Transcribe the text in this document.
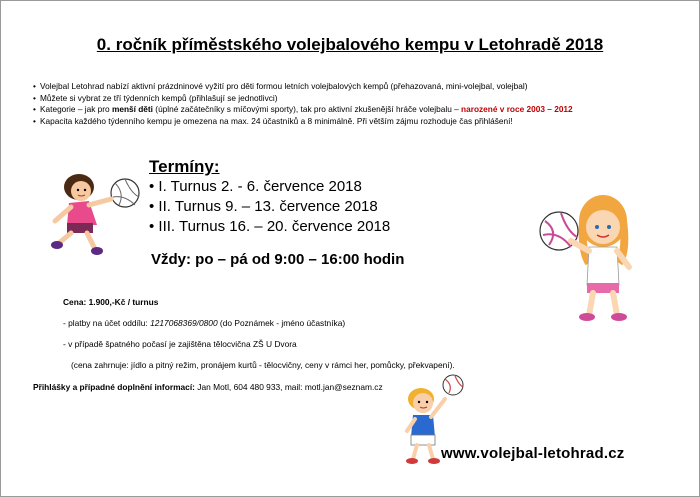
0. ročník příměstského volejbalového kempu v Letohradě 2018
• Volejbal Letohrad nabízí aktivní prázdninové vyžití pro děti formou letních volejbalových kempů (přehazovaná, mini-volejbal, volejbal)
• Můžete si vybrat ze tří týdenních kempů (přihlašují se jednotlivci)
• Kategorie – jak pro menší děti (úplné začátečníky s míčovými sporty), tak pro aktivní zkušenější hráče volejbalu – narozené v roce 2003 – 2012
• Kapacita každého týdenního kempu je omezena na max. 24 účastníků a 8 minimálně. Při větším zájmu rozhoduje čas přihlášení!
Termíny:
• I. Turnus 2. - 6. července 2018
• II. Turnus 9. – 13. července 2018
• III. Turnus 16. – 20. července 2018
Vždy: po – pá od 9:00 – 16:00 hodin

Cena: 1.900,-Kč / turnus

- platby na účet oddílu: 1217068369/0800 (do Poznámek - jméno účastníka)

- v případě špatného počasí je zajištěna tělocvična ZŠ U Dvora

(cena zahrnuje: jídlo a pitný režim, pronájem kurtů - tělocvičny, ceny v rámci her, pomůcky, překvapení).

Přihlášky a případné doplnění informací: Jan Motl, 604 480 933, mail: motl.jan@seznam.cz
www.volejbal-letohrad.cz
